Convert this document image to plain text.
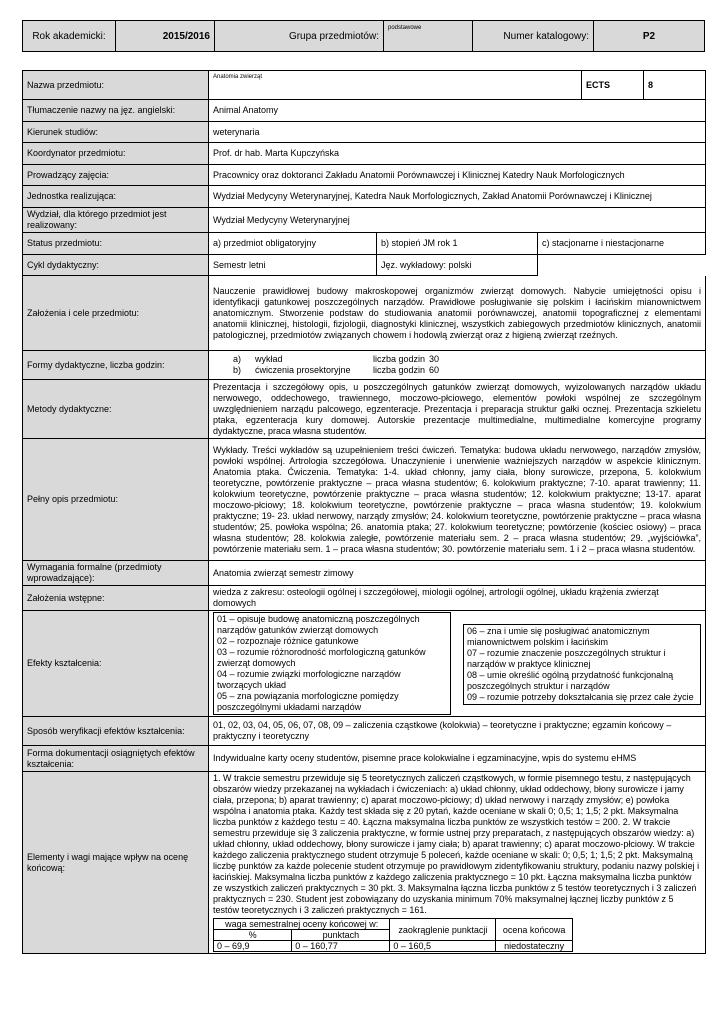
Rok akademicki:	2015/2016	Grupa przedmiotów:	podstawowe	Numer katalogowy:	P2
Nazwa przedmiotu:	Anatomia zwierząt	ECTS	8
Tłumaczenie nazwy na jęz. angielski:	Animal Anatomy
Kierunek studiów:	weterynaria
Koordynator przedmiotu:	Prof. dr hab. Marta Kupczyńska
Prowadzący zajęcia:	Pracownicy oraz doktoranci Zakładu Anatomii Porównawczej i Klinicznej Katedry Nauk Morfologicznych
Jednostka realizująca:	Wydział Medycyny Weterynaryjnej, Katedra Nauk Morfologicznych, Zakład Anatomii Porównawczej i Klinicznej
Wydział, dla którego przedmiot jest realizowany:	Wydział Medycyny Weterynaryjnej
Status przedmiotu:	a) przedmiot obligatoryjny	b) stopień JM rok 1	c) stacjonarne i niestacjonarne
Cykl dydaktyczny:	Semestr letni	Jęz. wykładowy: polski	
Założenia i cele przedmiotu:	Nauczenie prawidłowej budowy makroskopowej organizmów zwierząt domowych. Nabycie umiejętności opisu i identyfikacji gatunkowej poszczególnych narządów. Prawidłowe posługiwanie się polskim i łacińskim mianownictwem anatomicznym. Stworzenie podstaw do studiowania anatomii porównawczej, anatomii topograficznej z elementami anatomii klinicznej, histologii, fizjologii, diagnostyki klinicznej, wszystkich zabiegowych przedmiotów klinicznych, anatomii patologicznej, przedmiotów związanych chowem i hodowlą zwierząt oraz z higieną zwierząt rzeźnych.
Formy dydaktyczne, liczba godzin:	
a) wykład	liczba godzin 30
b) ćwiczenia prosektoryjne liczba godzin 60

Metody dydaktyczne:	Prezentacja i szczegółowy opis, u poszczególnych gatunków zwierząt domowych, wyizolowanych narządów układu nerwowego, oddechowego, trawiennego, moczowo-płciowego, elementów powłoki wspólnej ze szczególnym uwzględnieniem narządu palcowego, egzenteracje. Prezentacja i preparacja struktur gałki ocznej. Prezentacja szkieletu ptaka, egzenteracja kury domowej. Autorskie prezentacje multimedialne, multimedialne komercyjne programy dydaktyczne, praca własna studentów.
Pełny opis przedmiotu:	Wykłady. Treści wykładów są uzupełnieniem treści ćwiczeń. Tematyka: budowa układu nerwowego, narządów zmysłów, powłoki wspólnej. Artrologia szczegółowa. Unaczynienie i unerwienie ważniejszych narządów w aspekcie klinicznym. Anatomia ptaka. Ćwiczenia. Tematyka: 1-4. układ chłonny, jamy ciała, błony surowicze, przepona, 5. kolokwium teoretyczne, powtórzenie praktyczne – praca własna studentów; 6. kolokwium praktyczne; 7-10. aparat trawienny; 11. kolokwium teoretyczne, powtórzenie praktyczne – praca własna studentów; 12. kolokwium praktyczne; 13-17. aparat moczowo-płciowy; 18. kolokwium teoretyczne, powtórzenie praktyczne – praca własna studentów; 19. kolokwium praktyczne; 19- 23. układ nerwowy, narządy zmysłów; 24. kolokwium teoretyczne, powtórzenie praktyczne – praca własna studentów; 25. powłoka wspólna; 26. anatomia ptaka; 27. kolokwium teoretyczne; powtórzenie (kościec osiowy) – praca własna studentów; 28. kolokwia zaległe, powtórzenie materiału sem. 2 – praca własna studentów; 29. „wyjściówka”, powtórzenie materiału sem. 1 – praca własna studentów; 30. powtórzenie materiału sem. 1 i 2 – praca własna studentów.
Wymagania formalne (przedmioty wprowadzające):	Anatomia zwierząt semestr zimowy
Założenia wstępne:	wiedza z zakresu: osteologii ogólnej i szczegółowej, miologii ogólnej, artrologii ogólnej, układu krążenia zwierząt domowych
Efekty kształcenia:	
01 – opisuje budowę anatomiczną poszczególnych narządów gatunków zwierząt domowych
02 – rozpoznaje różnice gatunkowe
03 – rozumie różnorodność morfologiczną gatunków zwierząt domowych
04 – rozumie związki morfologiczne narządów tworzących układ
05 – zna powiązania morfologiczne pomiędzy poszczególnymi układami narządów
06 – zna i umie się posługiwać anatomicznym mianownictwem polskim i łacińskim
07 – rozumie znaczenie poszczególnych struktur i narządów w praktyce klinicznej
08 – umie określić ogólną przydatność funkcjonalną poszczególnych struktur i narządów
09 – rozumie potrzeby dokształcania się przez całe życie

Sposób weryfikacji efektów kształcenia:	01, 02, 03, 04, 05, 06, 07, 08, 09 – zaliczenia cząstkowe (kolokwia) – teoretyczne i praktyczne; egzamin końcowy – praktyczny i teoretyczny
Forma dokumentacji osiągniętych efektów kształcenia:	Indywidualne karty oceny studentów, pisemne prace kolokwialne i egzaminacyjne, wpis do systemu eHMS
Elementy i wagi mające wpływ na ocenę końcową:	
1. W trakcie semestru przewiduje się 5 teoretycznych zaliczeń cząstkowych, w formie pisemnego testu, z następujących obszarów wiedzy przekazanej na wykładach i ćwiczeniach: a) układ chłonny, układ oddechowy, błony surowicze i jamy ciała, przepona; b) aparat trawienny; c) aparat moczowo-płciowy; d) układ nerwowy i narządy zmysłów; e) powłoka wspólna i anatomia ptaka. Każdy test składa się z 20 pytań, każde oceniane w skali 0; 0,5; 1; 1,5; 2 pkt. Maksymalna liczba punktów z każdego testu = 40. Łączna maksymalna liczba punktów ze wszystkich testów = 200. 2. W trakcie semestru przewiduje się 3 zaliczenia praktyczne, w formie ustnej przy preparatach, z następujących obszarów wiedzy: a) układ chłonny, układ oddechowy, błony surowicze i jamy ciała; b) aparat trawienny; c) aparat moczowo-płciowy. W trakcie każdego zaliczenia praktycznego student otrzymuje 5 poleceń, każde oceniane w skali: 0; 0,5; 1; 1,5; 2 pkt. Maksymalną liczbę punktów za każde polecenie student otrzymuje po prawidłowym zidentyfikowaniu struktury, podaniu nazwy polskiej i łacińskiej. Maksymalna liczba punktów z każdego zaliczenia praktycznego = 10 pkt. Łączna maksymalna liczba punktów ze wszystkich zaliczeń praktycznych = 30 pkt. 3. Maksymalna łączna liczba punktów z 5 testów teoretycznych i 3 zaliczeń praktycznych = 230. Student jest zobowiązany do uzyskania minimum 70% maksymalnej łącznej liczby punktów z 5 testów teoretycznych i 3 zaliczeń praktycznych = 161.
waga semestralnej oceny końcowej w:	zaokrąglenie punktacji	ocena końcowa
%	punktach
0 – 69,9	0 – 160,77	0 – 160,5	niedostateczny
